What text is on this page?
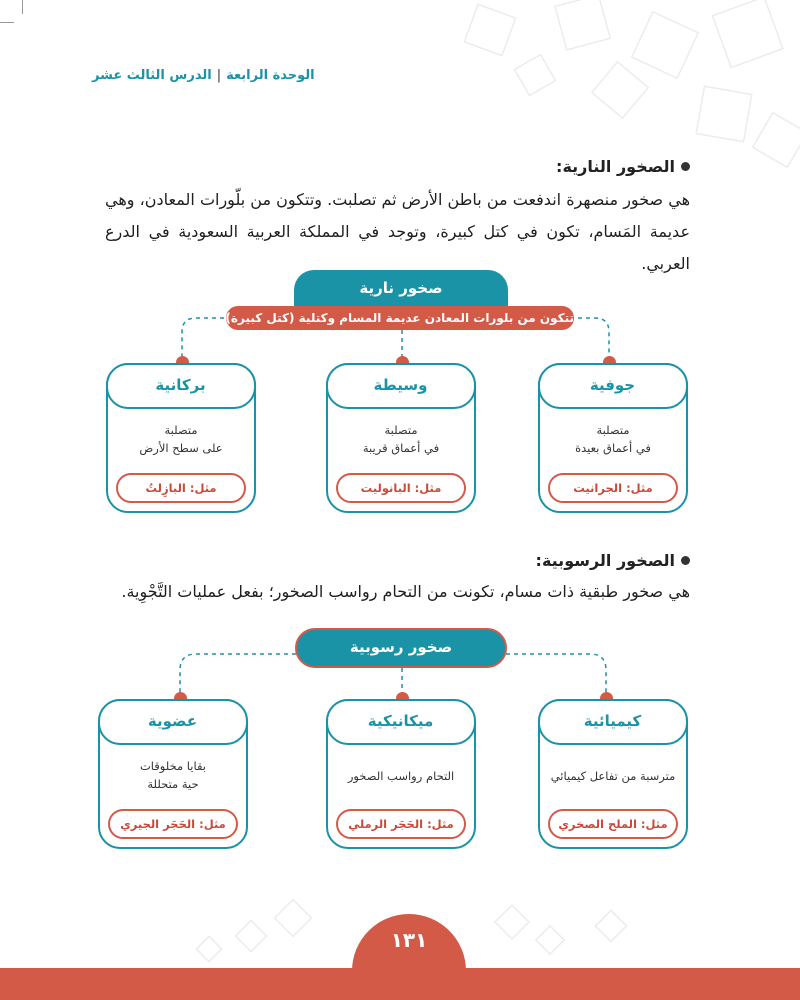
الوحدة الرابعة|الدرس الثالث عشر
الصخور النارية:
هي صخور منصهرة اندفعت من باطن الأرض ثم تصلبت. وتتكون من بلّورات المعادن، وهي عديمة المَسام، تكون في كتل كبيرة، وتوجد في المملكة العربية السعودية في الدرع العربي.
صخور نارية
تتكون من بلورات المعادن عديمة المسام وكتلية (كتل كبيرة)
جوفية
متصلبة
في أعماق بعيدة
مثل: الجرانيت
وسيطة
متصلبة
في أعماق قريبة
مثل: البانوليت
بركانية
متصلبة
على سطح الأرض
مثل: البازِلتُ
الصخور الرسوبية:
هي صخور طبقية ذات مسام، تكونت من التحام رواسب الصخور؛ بفعل عمليات التَّجْوِية.
صخور رسوبية
كيميائية
مترسبة من تفاعل كيميائي
مثل: الملح الصخري
ميكانيكية
التحام رواسب الصخور
مثل: الحَجَر الرملي
عضوية
بقايا مخلوقات
حية متحللة
مثل: الحَجَر الجيري
١٣١
